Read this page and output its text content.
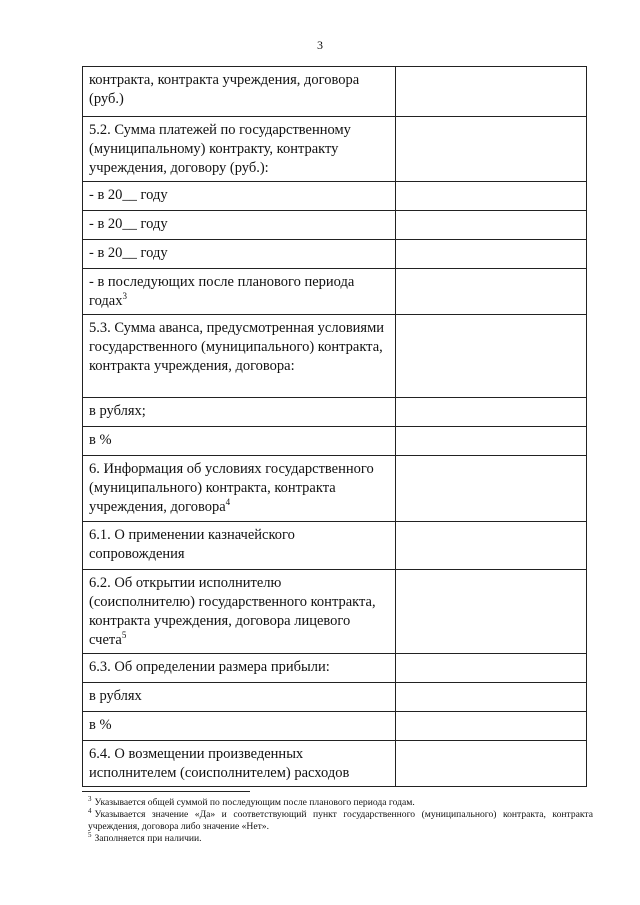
3
контракта, контракта учреждения, договора (руб.)	
5.2. Сумма платежей по государственному (муниципальному) контракту, контракту учреждения, договору (руб.):	
- в 20__ году	
- в 20__ году	
- в 20__ году	
- в последующих после планового периода годах$^3$	
5.3. Сумма аванса, предусмотренная условиями государственного (муниципального) контракта, контракта учреждения, договора:	
в рублях;	
в %	
6. Информация об условиях государственного (муниципального) контракта, контракта учреждения, договора$^4$	
6.1. О применении казначейского сопровождения	
6.2. Об открытии исполнителю (соисполнителю) государственного контракта, контракта учреждения, договора лицевого счета$^5$	
6.3. Об определении размера прибыли:	
в рублях	
в %	
6.4. О возмещении произведенных исполнителем (соисполнителем) расходов	

$^3$ Указывается общей суммой по последующим после планового периода годам.

$^4$ Указывается значение «Да» и соответствующий пункт государственного (муниципального) контракта, контракта учреждения, договора либо значение «Нет».

$^5$ Заполняется при наличии.
